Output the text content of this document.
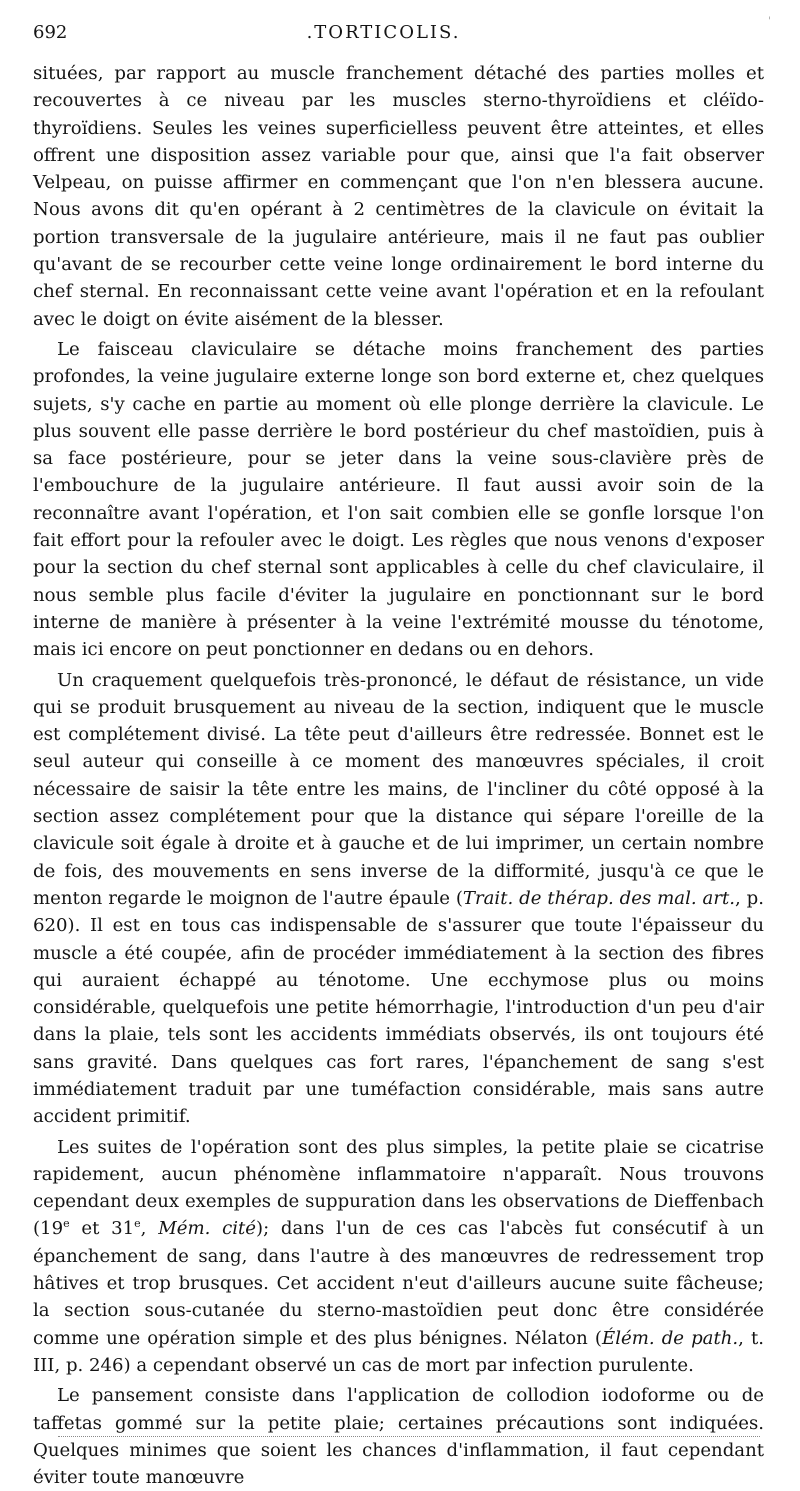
'
692	.TORTICOLIS.

situées, par rapport au muscle franchement détaché des parties molles et recouvertes à ce niveau par les muscles sterno-thyroïdiens et cléïdo-thyroïdiens. Seules les veines superficielless peuvent être atteintes, et elles offrent une disposition assez variable pour que, ainsi que l'a fait observer Velpeau, on puisse affirmer en commençant que l'on n'en blessera aucune. Nous avons dit qu'en opérant à 2 centimètres de la clavicule on évitait la portion transversale de la jugulaire antérieure, mais il ne faut pas oublier qu'avant de se recourber cette veine longe ordinairement le bord interne du chef sternal. En reconnaissant cette veine avant l'opération et en la refoulant avec le doigt on évite aisément de la blesser.

Le faisceau claviculaire se détache moins franchement des parties profondes, la veine jugulaire externe longe son bord externe et, chez quelques sujets, s'y cache en partie au moment où elle plonge derrière la clavicule. Le plus souvent elle passe derrière le bord postérieur du chef mastoïdien, puis à sa face postérieure, pour se jeter dans la veine sous-clavière près de l'embouchure de la jugulaire antérieure. Il faut aussi avoir soin de la reconnaître avant l'opération, et l'on sait combien elle se gonfle lorsque l'on fait effort pour la refouler avec le doigt. Les règles que nous venons d'exposer pour la section du chef sternal sont applicables à celle du chef claviculaire, il nous semble plus facile d'éviter la jugulaire en ponctionnant sur le bord interne de manière à présenter à la veine l'extrémité mousse du ténotome, mais ici encore on peut ponctionner en dedans ou en dehors.

Un craquement quelquefois très-prononcé, le défaut de résistance, un vide qui se produit brusquement au niveau de la section, indiquent que le muscle est complétement divisé. La tête peut d'ailleurs être redressée. Bonnet est le seul auteur qui conseille à ce moment des manœuvres spéciales, il croit nécessaire de saisir la tête entre les mains, de l'incliner du côté opposé à la section assez complétement pour que la distance qui sépare l'oreille de la clavicule soit égale à droite et à gauche et de lui imprimer, un certain nombre de fois, des mouvements en sens inverse de la difformité, jusqu'à ce que le menton regarde le moignon de l'autre épaule (Trait. de thérap. des mal. art., p. 620). Il est en tous cas indispensable de s'assurer que toute l'épaisseur du muscle a été coupée, afin de procéder immédiatement à la section des fibres qui auraient échappé au ténotome. Une ecchymose plus ou moins considérable, quelquefois une petite hémorrhagie, l'introduction d'un peu d'air dans la plaie, tels sont les accidents immédiats observés, ils ont toujours été sans gravité. Dans quelques cas fort rares, l'épanchement de sang s'est immédiatement traduit par une tuméfaction considérable, mais sans autre accident primitif.

Les suites de l'opération sont des plus simples, la petite plaie se cicatrise rapidement, aucun phénomène inflammatoire n'apparaît. Nous trouvons cependant deux exemples de suppuration dans les observations de Dieffenbach (19e et 31e, Mém. cité); dans l'un de ces cas l'abcès fut consécutif à un épanchement de sang, dans l'autre à des manœuvres de redressement trop hâtives et trop brusques. Cet accident n'eut d'ailleurs aucune suite fâcheuse; la section sous-cutanée du sterno-mastoïdien peut donc être considérée comme une opération simple et des plus bénignes. Nélaton (Élém. de path., t. III, p. 246) a cependant observé un cas de mort par infection purulente.

Le pansement consiste dans l'application de collodion iodoforme ou de taffetas gommé sur la petite plaie; certaines précautions sont indiquées. Quelques minimes que soient les chances d'inflammation, il faut cependant éviter toute manœuvre
